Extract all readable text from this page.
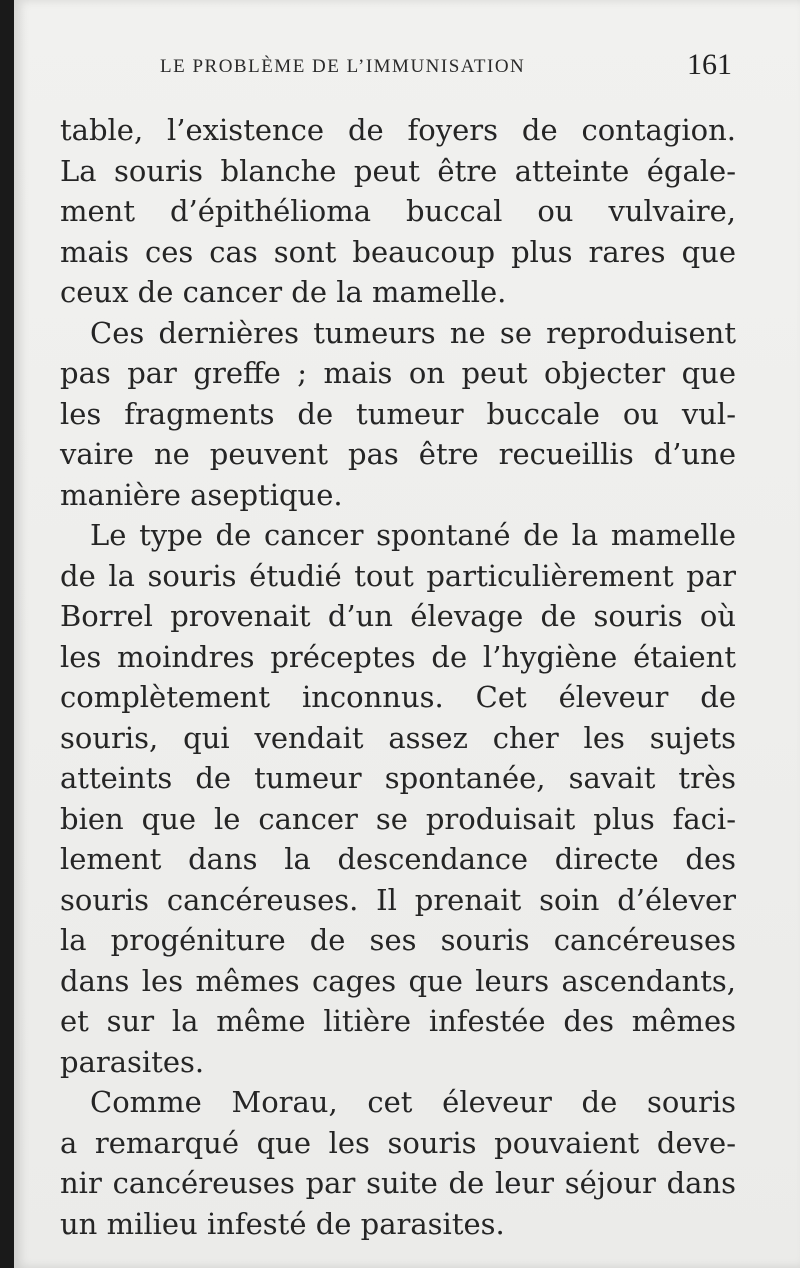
LE PROBLÈME DE L’IMMUNISATION	161
table, l’existence de foyers de contagion.
La souris blanche peut être atteinte égale-
ment d’épithélioma buccal ou vulvaire,
mais ces cas sont beaucoup plus rares que
ceux de cancer de la mamelle.
Ces dernières tumeurs ne se reproduisent
pas par greffe ; mais on peut objecter que
les fragments de tumeur buccale ou vul-
vaire ne peuvent pas être recueillis d’une
manière aseptique.
Le type de cancer spontané de la mamelle
de la souris étudié tout particulièrement par
Borrel provenait d’un élevage de souris où
les moindres préceptes de l’hygiène étaient
complètement inconnus. Cet éleveur de
souris, qui vendait assez cher les sujets
atteints de tumeur spontanée, savait très
bien que le cancer se produisait plus faci-
lement dans la descendance directe des
souris cancéreuses. Il prenait soin d’élever
la progéniture de ses souris cancéreuses
dans les mêmes cages que leurs ascendants,
et sur la même litière infestée des mêmes
parasites.
Comme Morau, cet éleveur de souris
a remarqué que les souris pouvaient deve-
nir cancéreuses par suite de leur séjour dans
un milieu infesté de parasites.
